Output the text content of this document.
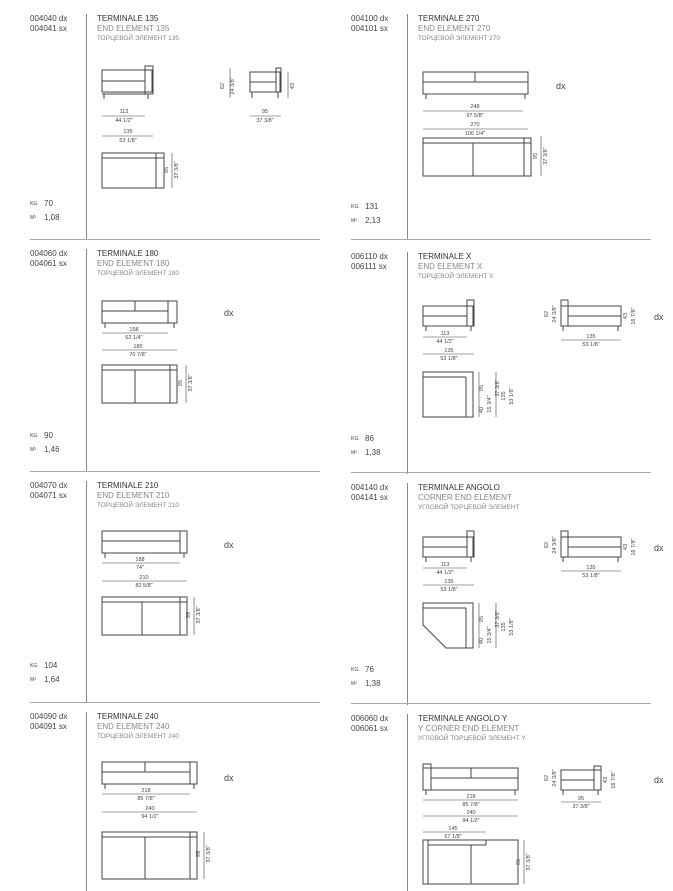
004040 dx
004041 sx
TERMINALE 135
END ELEMENT 135
ТОРЦЕВОЙ ЭЛЕМЕНТ 135
113
44 1/2"
135
53 1/8"
95
37 3/8"
62 24 3/8"	43
95 37 3/8"
KG. 70
M³ 1,08
004100 dx
004101 sx
TERMINALE 270
END ELEMENT 270
ТОРЦЕВОЙ ЭЛЕМЕНТ 270
248
97 5/8"
270
106 1/4"
95 37 3/8"
dx
KG. 131
M³ 2,13
004060 dx
004061 sx
TERMINALE 180
END ELEMENT 180
ТОРЦЕВОЙ ЭЛЕМЕНТ 180
158
62 1/4"
180
70 7/8"
95 37 3/8"
dx
KG. 90
M³ 1,46
006110 dx
006111 sx
TERMINALE X
END ELEMENT X
ТОРЦЕВОЙ ЭЛЕМЕНТ X
113
44 1/2"
135
53 1/8"
135
53 1/8"
62 24 3/8"	43 16 7/8"
95
40 15 3/4"
37 3/8" 135 53 1/8"
dx
KG. 86
M³ 1,38
004070 dx
004071 sx
TERMINALE 210
END ELEMENT 210
ТОРЦЕВОЙ ЭЛЕМЕНТ 210
188
74"
210
82 5/8"
95 37 3/8"
dx
KG. 104
M³ 1,64
004140 dx
004141 sx
TERMINALE ANGOLO
CORNER END ELEMENT
УГЛОВОЙ ТОРЦЕВОЙ ЭЛЕМЕНТ
113
44 1/2"
135
53 1/8"
135
53 1/8"
62 24 3/8"	43 16 7/8"
95
40 15 3/4"
37 3/8" 135 53 1/8"
dx
KG. 76
M³ 1,38
004090 dx
004091 sx
TERMINALE 240
END ELEMENT 240
ТОРЦЕВОЙ ЭЛЕМЕНТ 240
218
85 7/8"
240
94 1/2"
95 37 3/8"
dx
006060 dx
006061 sx
TERMINALE ANGOLO Y
Y CORNER END ELEMENT
УГЛОВОЙ ТОРЦЕВОЙ ЭЛЕМЕНТ Y
218
85 7/8"
240
94 1/2"
145
57 1/8"
95
37 3/8"
62 24 3/8"	43 16 7/8"
95 37 3/8"
dx
